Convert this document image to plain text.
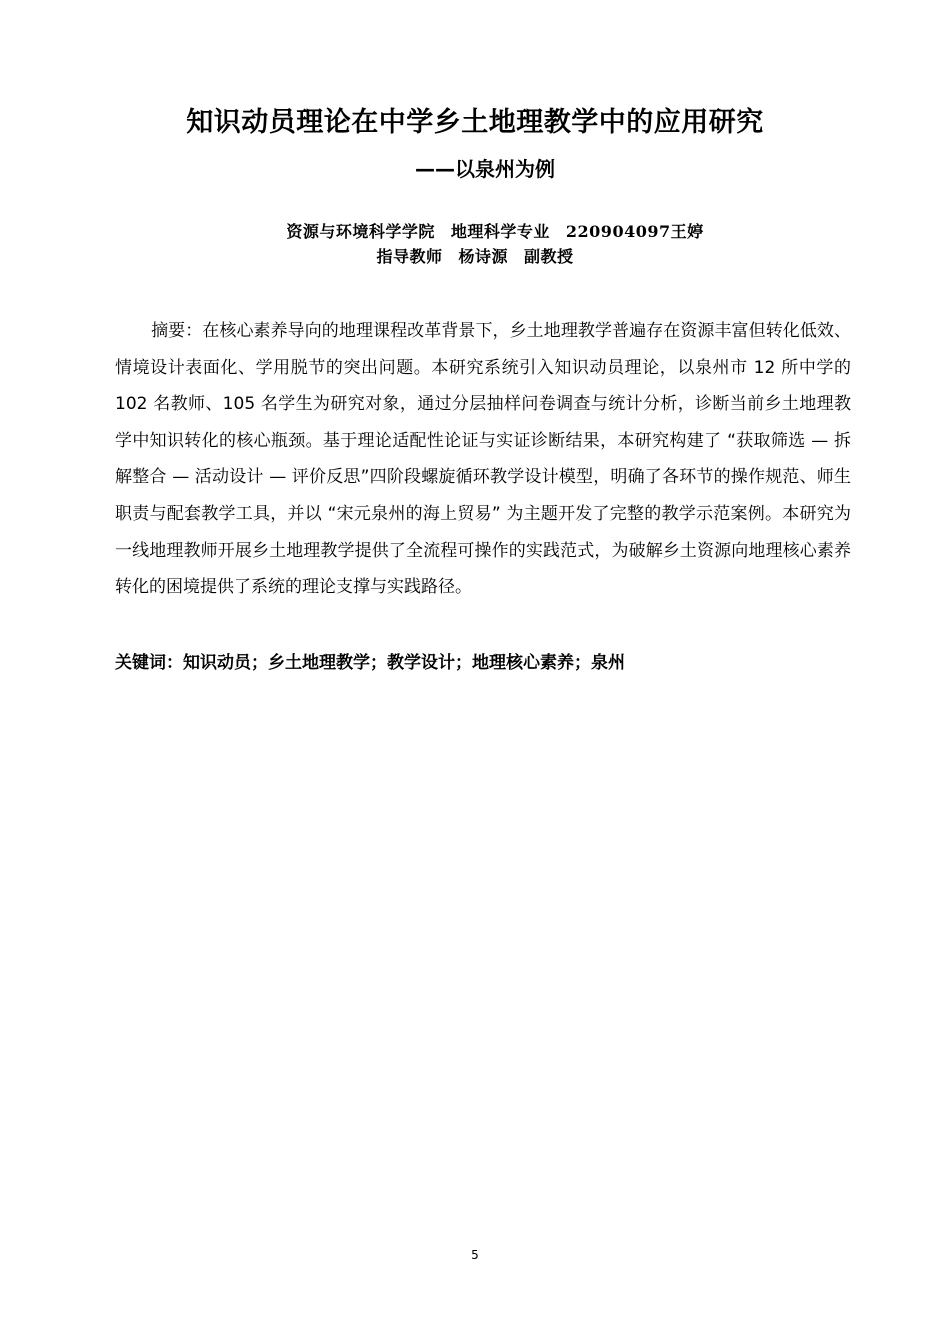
知识动员理论在中学乡土地理教学中的应用研究
——以泉州为例
资源与环境科学学院 地理科学专业 220904097王婷
指导教师 杨诗源 副教授

摘要：在核心素养导向的地理课程改革背景下，乡土地理教学普遍存在资源丰富但转化低效、情境设计表面化、学用脱节的突出问题。本研究系统引入知识动员理论，以泉州市 12 所中学的 102 名教师、105 名学生为研究对象，通过分层抽样问卷调查与统计分析，诊断当前乡土地理教学中知识转化的核心瓶颈。基于理论适配性论证与实证诊断结果，本研究构建了 “获取筛选 — 拆解整合 — 活动设计 — 评价反思”四阶段螺旋循环教学设计模型，明确了各环节的操作规范、师生职责与配套教学工具，并以 “宋元泉州的海上贸易” 为主题开发了完整的教学示范案例。本研究为一线地理教师开展乡土地理教学提供了全流程可操作的实践范式，为破解乡土资源向地理核心素养转化的困境提供了系统的理论支撑与实践路径。

关键词：知识动员；乡土地理教学；教学设计；地理核心素养；泉州

5
